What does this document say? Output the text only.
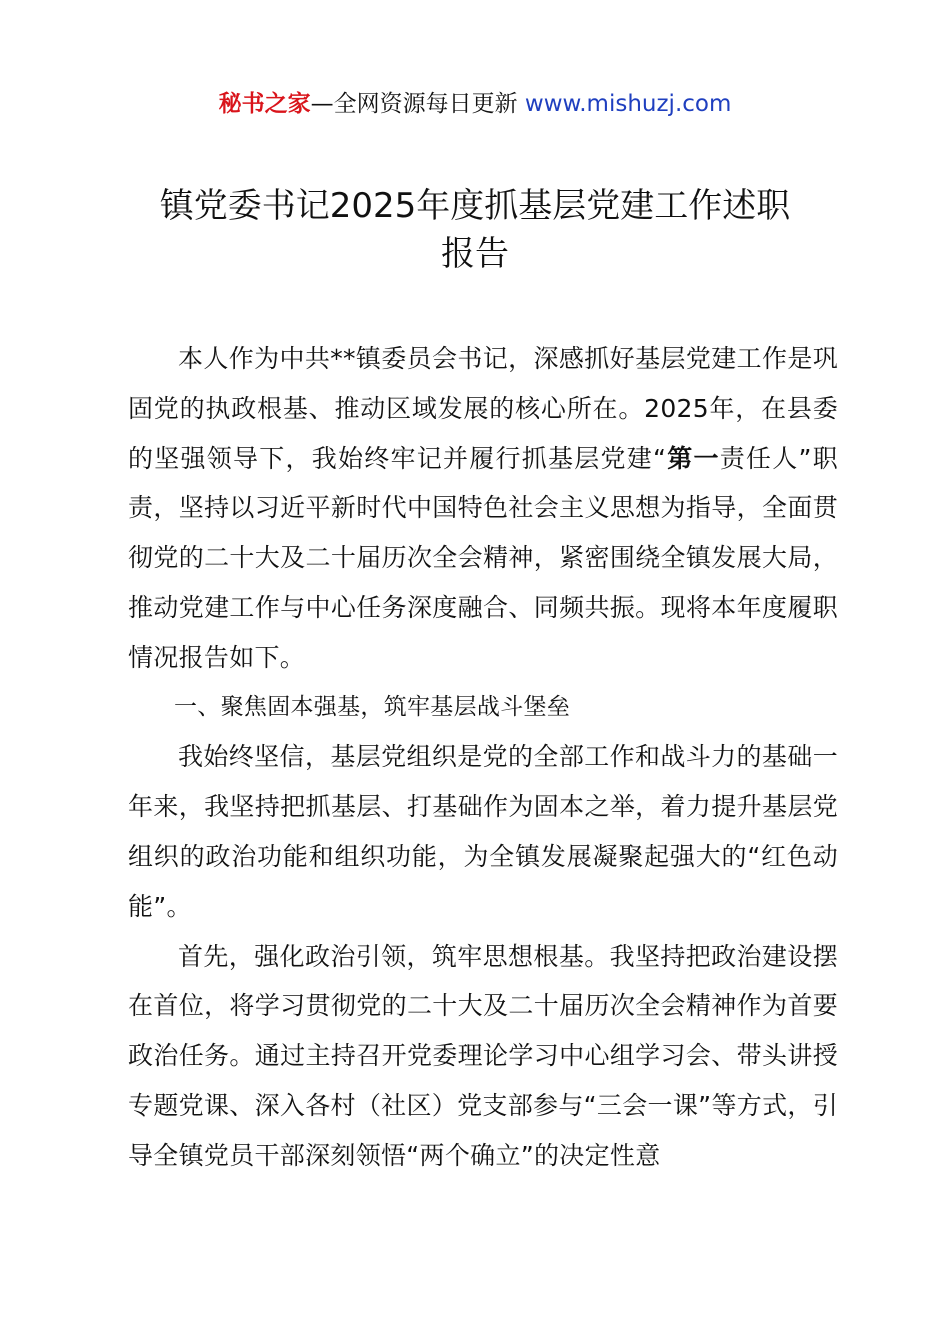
秘书之家—全网资源每日更新 www.mishuzj.com
镇党委书记2025年度抓基层党建工作述职
报告

本人作为中共**镇委员会书记，深感抓好基层党建工作是巩固党的执政根基、推动区域发展的核心所在。2025年，在县委的坚强领导下，我始终牢记并履行抓基层党建“第一责任人”职责，坚持以习近平新时代中国特色社会主义思想为指导，全面贯彻党的二十大及二十届历次全会精神，紧密围绕全镇发展大局，推动党建工作与中心任务深度融合、同频共振。现将本年度履职情况报告如下。

一、聚焦固本强基，筑牢基层战斗堡垒

我始终坚信，基层党组织是党的全部工作和战斗力的基础一年来，我坚持把抓基层、打基础作为固本之举，着力提升基层党组织的政治功能和组织功能，为全镇发展凝聚起强大的“红色动能”。

首先，强化政治引领，筑牢思想根基。我坚持把政治建设摆在首位，将学习贯彻党的二十大及二十届历次全会精神作为首要政治任务。通过主持召开党委理论学习中心组学习会、带头讲授专题党课、深入各村（社区）党支部参与“三会一课”等方式，引导全镇党员干部深刻领悟“两个确立”的决定性意
